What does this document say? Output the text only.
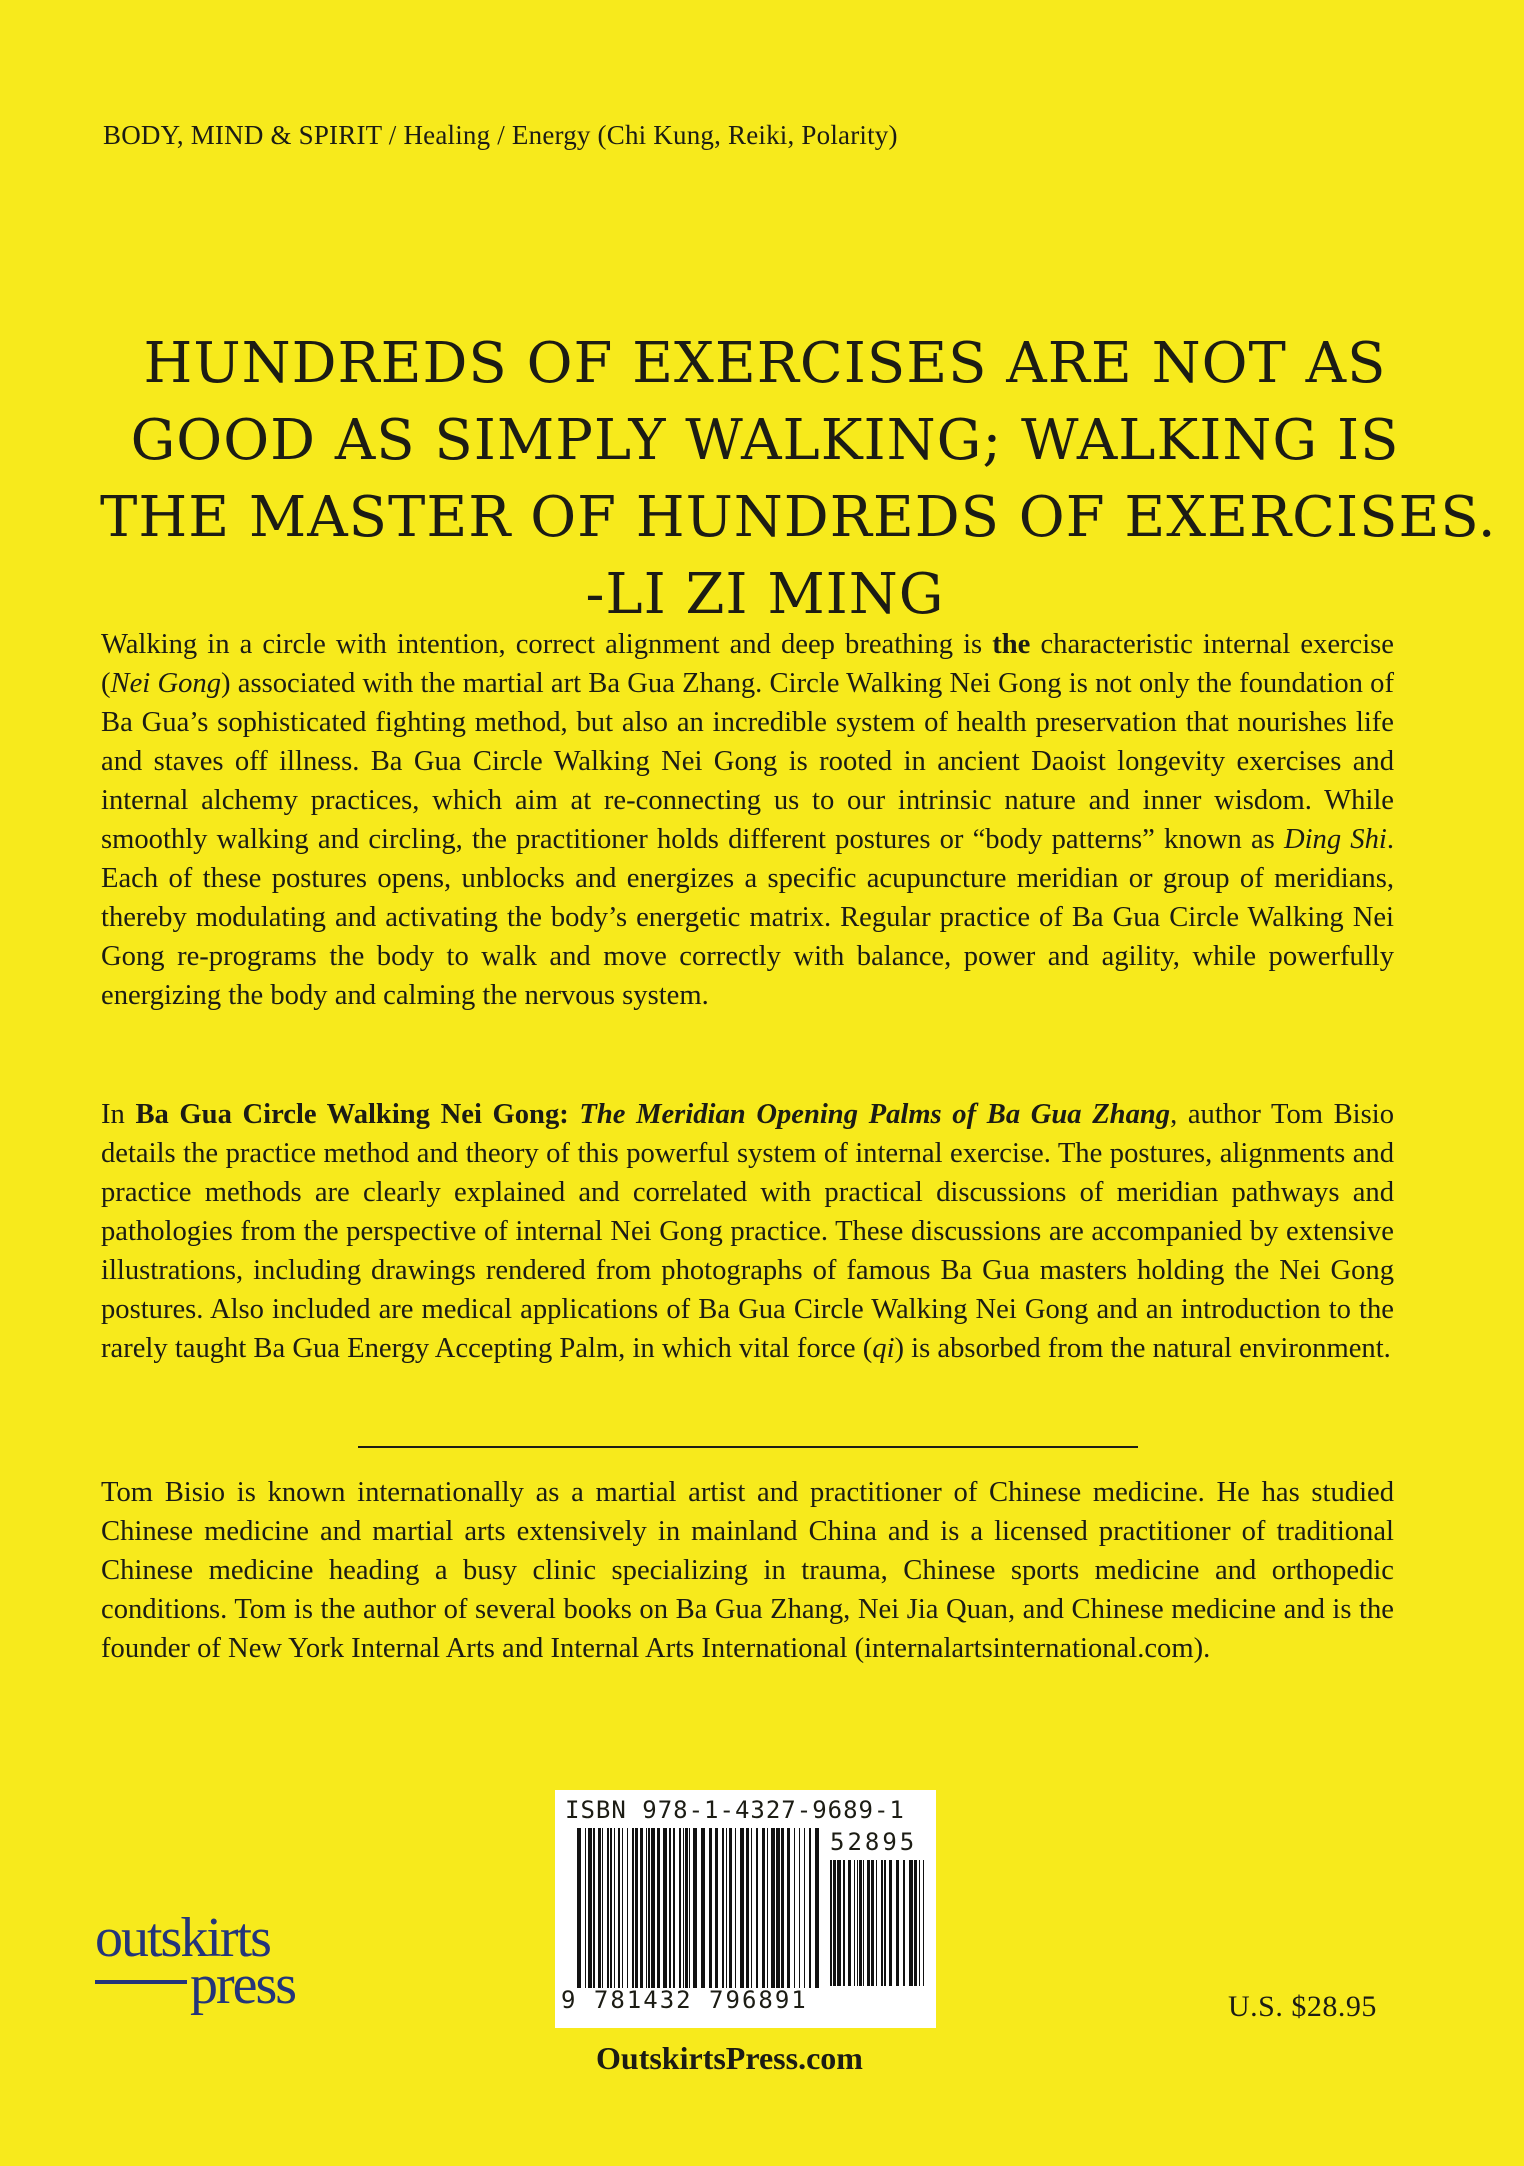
BODY, MIND & SPIRIT / Healing / Energy (Chi Kung, Reiki, Polarity)
HUNDREDS OF EXERCISES ARE NOT AS
GOOD AS SIMPLY WALKING; WALKING IS
THE MASTER OF HUNDREDS OF EXERCISES.
-LI ZI MING
Walking in a circle with intention, correct alignment and deep breathing is the characteristic internal exercise (Nei Gong) associated with the martial art Ba Gua Zhang. Circle Walking Nei Gong is not only the foundation of Ba Gua’s sophisticated fighting method, but also an incredible system of health preservation that nourishes life and staves off illness. Ba Gua Circle Walking Nei Gong is rooted in ancient Daoist longevity exercises and internal alchemy practices, which aim at re-connecting us to our intrinsic nature and inner wisdom. While smoothly walking and circling, the practitioner holds different postures or “body patterns” known as Ding Shi. Each of these postures opens, unblocks and energizes a specific acupuncture meridian or group of meridians, thereby modulating and activating the body’s energetic matrix. Regular practice of Ba Gua Circle Walking Nei Gong re-programs the body to walk and move correctly with balance, power and agility, while powerfully energizing the body and calming the nervous system.
In Ba Gua Circle Walking Nei Gong: The Meridian Opening Palms of Ba Gua Zhang, author Tom Bisio details the practice method and theory of this powerful system of internal exercise. The postures, alignments and practice methods are clearly explained and correlated with practical discussions of meridian pathways and pathologies from the perspective of internal Nei Gong practice. These discussions are accompanied by extensive illustrations, including drawings rendered from photographs of famous Ba Gua masters holding the Nei Gong postures. Also included are medical applications of Ba Gua Circle Walking Nei Gong and an introduction to the rarely taught Ba Gua Energy Accepting Palm, in which vital force (qi) is absorbed from the natural environment.
Tom Bisio is known internationally as a martial artist and practitioner of Chinese medicine. He has studied Chinese medicine and martial arts extensively in mainland China and is a licensed practitioner of traditional Chinese medicine heading a busy clinic specializing in trauma, Chinese sports medicine and orthopedic conditions. Tom is the author of several books on Ba Gua Zhang, Nei Jia Quan, and Chinese medicine and is the founder of New York Internal Arts and Internal Arts International (internalartsinternational.com).
ISBN 978-1-4327-9689-1
52895
9 781432 796891
outskirts
press	U.S. $28.95
OutskirtsPress.com
